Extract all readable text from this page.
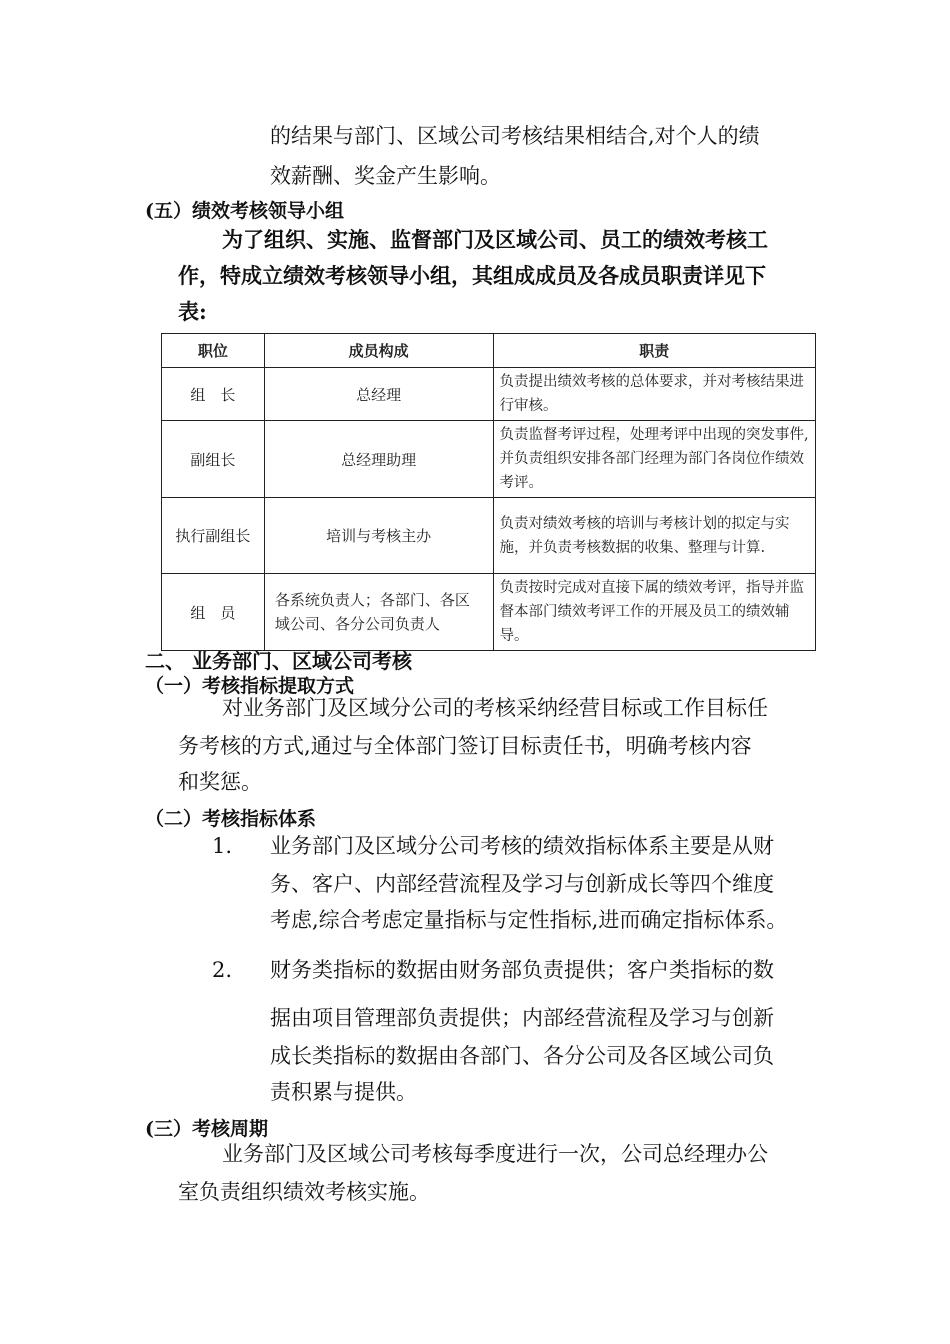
的结果与部门、区域公司考核结果相结合,对个人的绩
效薪酬、奖金产生影响。
(五）绩效考核领导小组
为了组织、实施、监督部门及区域公司、员工的绩效考核工
作，特成立绩效考核领导小组，其组成成员及各成员职责详见下
表:
职位	成员构成	职责
组　长	总经理	负责提出绩效考核的总体要求，并对考核结果进行审核。
副组长	总经理助理	负责监督考评过程，处理考评中出现的突发事件,并负责组织安排各部门经理为部门各岗位作绩效考评。
执行副组长	培训与考核主办	负责对绩效考核的培训与考核计划的拟定与实施，并负责考核数据的收集、整理与计算.
组　员	各系统负责人；各部门、各区域公司、各分公司负责人	负责按时完成对直接下属的绩效考评，指导并监督本部门绩效考评工作的开展及员工的绩效辅导。
二、 业务部门、区域公司考核
（一）考核指标提取方式
对业务部门及区域分公司的考核采纳经营目标或工作目标任
务考核的方式,通过与全体部门签订目标责任书，明确考核内容
和奖惩。
（二）考核指标体系
1. 业务部门及区域分公司考核的绩效指标体系主要是从财
务、客户、内部经营流程及学习与创新成长等四个维度
考虑,综合考虑定量指标与定性指标,进而确定指标体系。
2. 财务类指标的数据由财务部负责提供；客户类指标的数
据由项目管理部负责提供；内部经营流程及学习与创新
成长类指标的数据由各部门、各分公司及各区域公司负
责积累与提供。
(三）考核周期
业务部门及区域公司考核每季度进行一次，公司总经理办公
室负责组织绩效考核实施。
